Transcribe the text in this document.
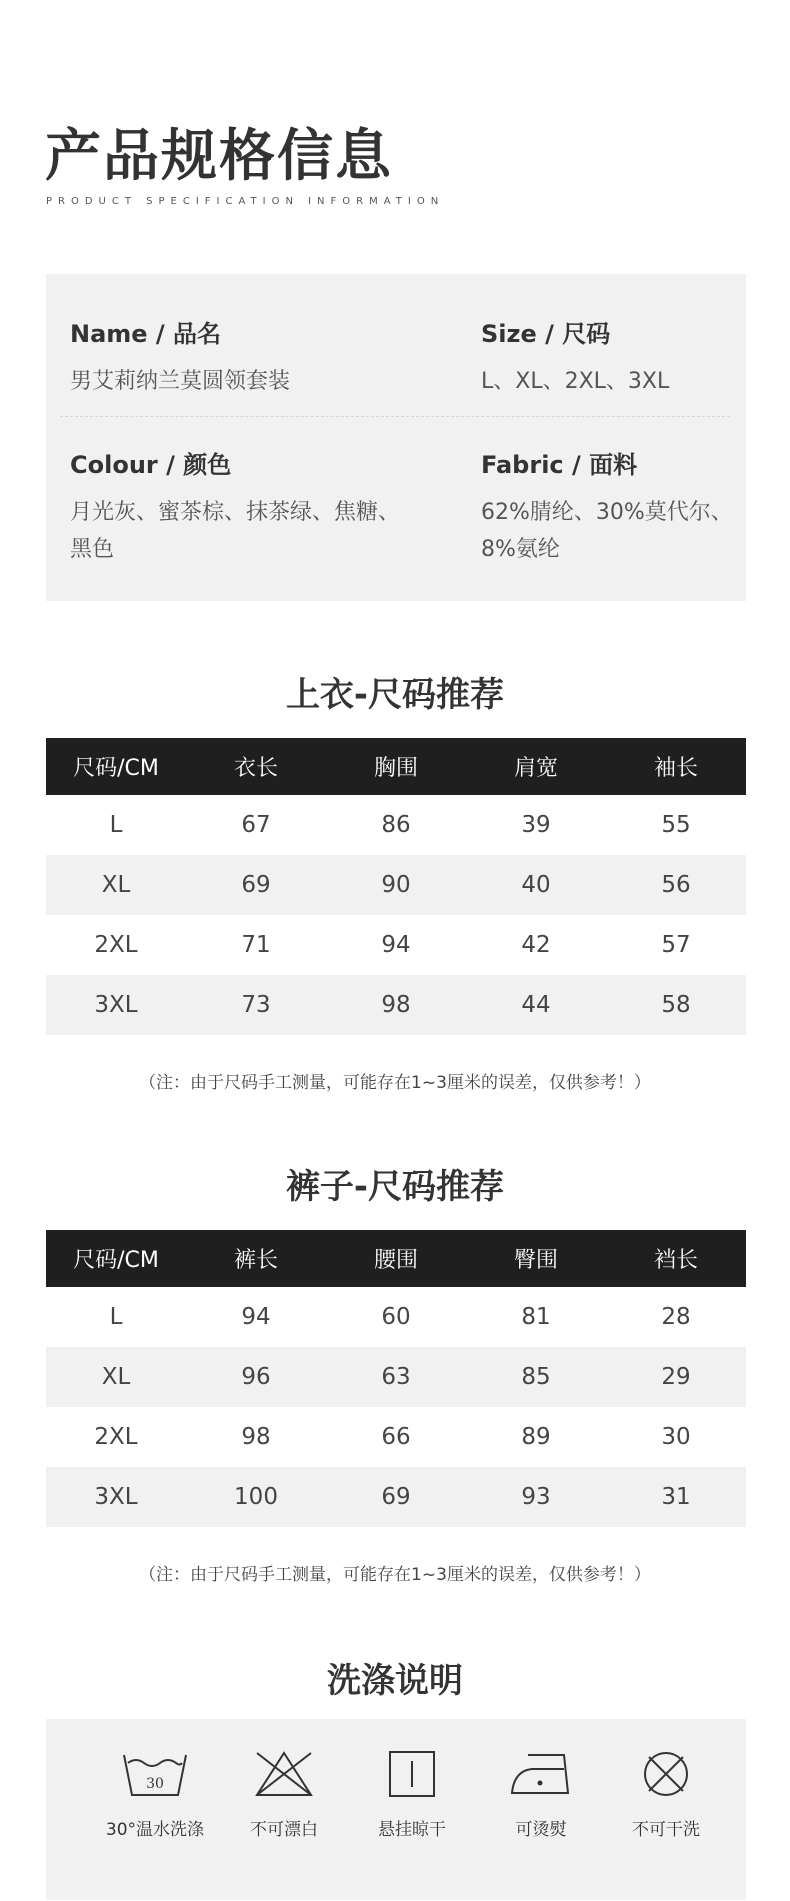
产品规格信息
PRODUCT SPECIFICATION INFORMATION
Name / 品名
男艾莉纳兰莫圆领套装
Size / 尺码
L、XL、2XL、3XL
Colour / 颜色
月光灰、蜜茶棕、抹茶绿、焦糖、
黑色
Fabric / 面料
62%腈纶、30%莫代尔、
8%氨纶
上衣-尺码推荐
尺码/CM	衣长	胸围	肩宽	袖长
L	67	86	39	55
XL	69	90	40	56
2XL	71	94	42	57
3XL	73	98	44	58
（注：由于尺码手工测量，可能存在1~3厘米的误差，仅供参考！）
裤子-尺码推荐
尺码/CM	裤长	腰围	臀围	裆长
L	94	60	81	28
XL	96	63	85	29
2XL	98	66	89	30
3XL	100	69	93	31
（注：由于尺码手工测量，可能存在1~3厘米的误差，仅供参考！）
洗涤说明
30
30°温水洗涤	不可漂白	悬挂晾干	可烫熨	不可干洗
